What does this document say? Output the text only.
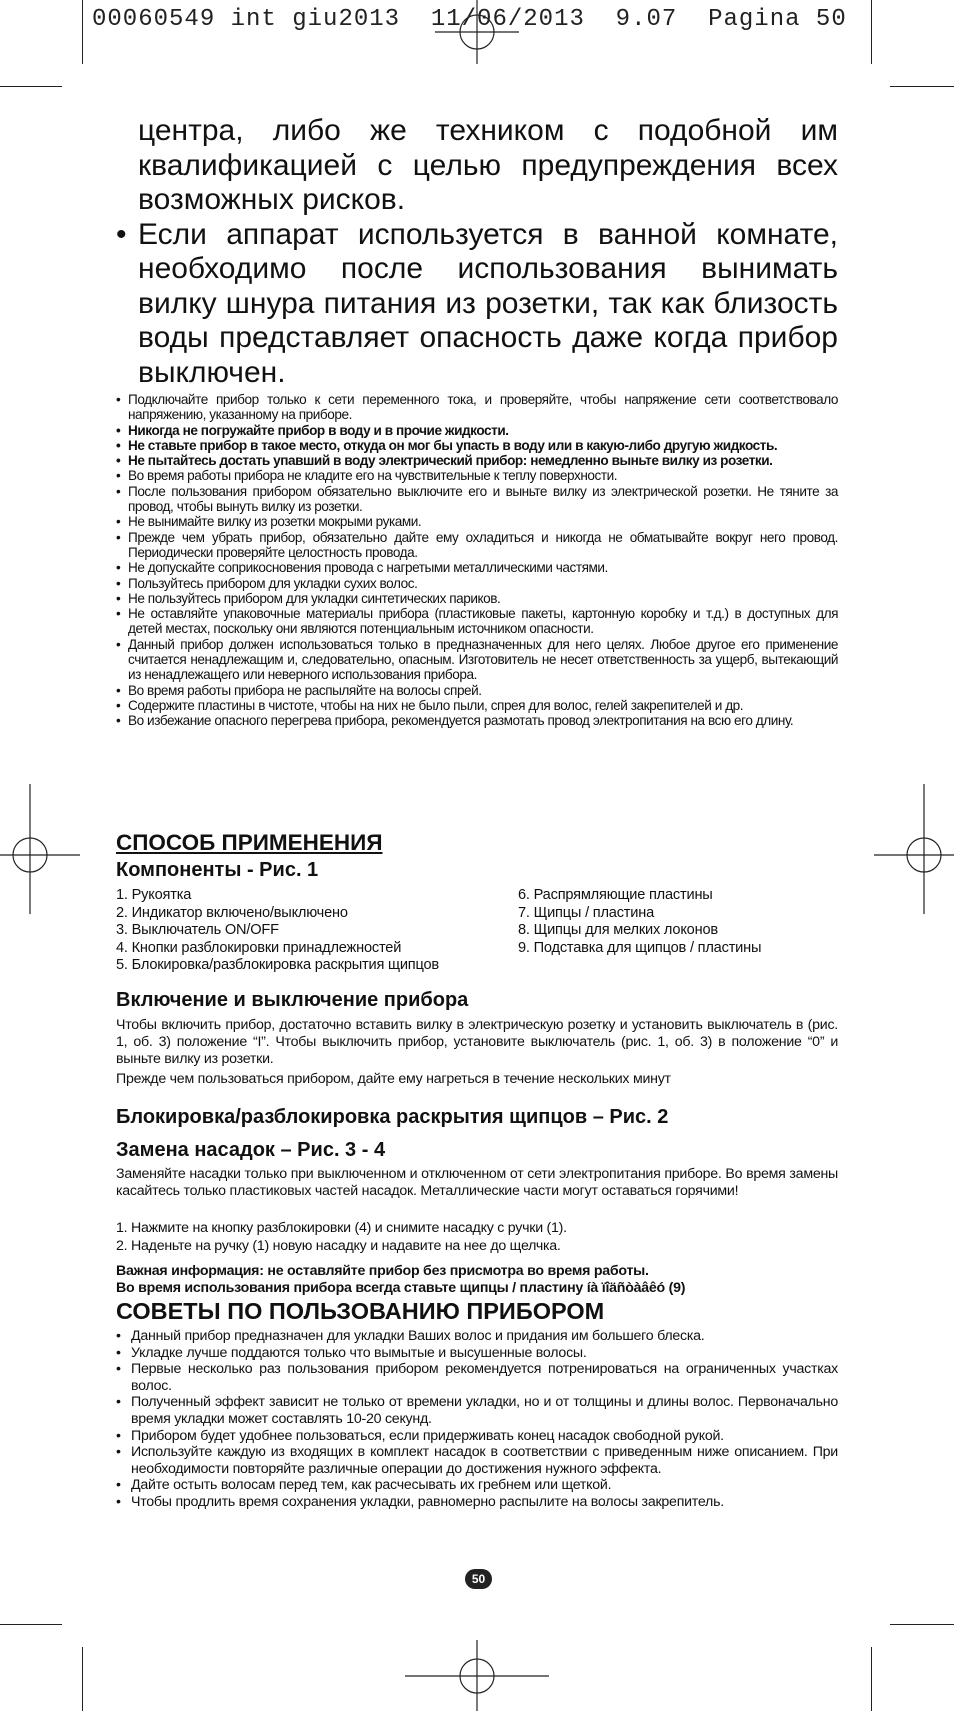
00060549 int giu2013  11/06/2013  9.07  Pagina 50

центра, либо же техником с подобной им квалификацией с целью предупреждения всех возможных рисков.

• Если аппарат используется в ванной комнате, необходимо после использования вынимать вилку шнура питания из розетки, так как близость воды представляет опасность даже когда прибор выключен.

• Подключайте прибор только к сети переменного тока, и проверяйте, чтобы напряжение сети соответствовало напряжению, указанному на приборе.
• Никогда не погружайте прибор в воду и в прочие жидкости.
• Не ставьте прибор в такое место, откуда он мог бы упасть в воду или в какую-либо другую жидкость.
• Не пытайтесь достать упавший в воду электрический прибор: немедленно выньте вилку из розетки.
• Во время работы прибора не кладите его на чувствительные к теплу поверхности.
• После пользования прибором обязательно выключите его и выньте вилку из электрической розетки. Не тяните за провод, чтобы вынуть вилку из розетки.
• Не вынимайте вилку из розетки мокрыми руками.
• Прежде чем убрать прибор, обязательно дайте ему охладиться и никогда не обматывайте вокруг него провод. Периодически проверяйте целостность провода.
• Не допускайте соприкосновения провода с нагретыми металлическими частями.
• Пользуйтесь прибором для укладки сухих волос.
• Не пользуйтесь прибором для укладки синтетических париков.
• Не оставляйте упаковочные материалы прибора (пластиковые пакеты, картонную коробку и т.д.) в доступных для детей местах, поскольку они являются потенциальным источником опасности.
• Данный прибор должен использоваться только в предназначенных для него целях. Любое другое его применение считается ненадлежащим и, следовательно, опасным. Изготовитель не несет ответственность за ущерб, вытекающий из ненадлежащего или неверного использования прибора.
• Во время работы прибора не распыляйте на волосы спрей.
• Содержите пластины в чистоте, чтобы на них не было пыли, спрея для волос, гелей закрепителей и др.
• Во избежание опасного перегрева прибора, рекомендуется размотать провод электропитания на всю его длину.
СПОСОБ ПРИМЕНЕНИЯ
Компоненты - Рис. 1
1. Рукоятка
2. Индикатор включено/выключено
3. Выключатель ON/OFF
4. Кнопки разблокировки принадлежностей
5. Блокировка/разблокировка раскрытия щипцов
6. Распрямляющие пластины
7. Щипцы / пластина
8. Щипцы для мелких локонов
9. Подставка для щипцов / пластины
Включение и выключение прибора

Чтобы включить прибор, достаточно вставить вилку в электрическую розетку и установить выключатель в (рис. 1, об. 3) положение “I”. Чтобы выключить прибор, установите выключатель (рис. 1, об. 3) в положение “0” и выньте вилку из розетки.

Прежде чем пользоваться прибором, дайте ему нагреться в течение нескольких минут

Блокировка/разблокировка раскрытия щипцов – Рис. 2
Замена насадок – Рис. 3 - 4

Заменяйте насадки только при выключенном и отключенном от сети электропитания приборе. Во время замены касайтесь только пластиковых частей насадок. Металлические части могут оставаться горячими!

1. Нажмите на кнопку разблокировки (4) и снимите насадку с ручки (1).

2. Наденьте на ручку (1) новую насадку и надавите на нее до щелчка.

Важная информация: не оставляйте прибор без присмотра во время работы.

Во время использования прибора всегда ставьте щипцы / пластину íà ïîäñòàâêó (9)

СОВЕТЫ ПО ПОЛЬЗОВАНИЮ ПРИБОРОМ
• Данный прибор предназначен для укладки Ваших волос и придания им большего блеска.
• Укладке лучше поддаются только что вымытые и высушенные волосы.
• Первые несколько раз пользования прибором рекомендуется потренироваться на ограниченных участках волос.
• Полученный эффект зависит не только от времени укладки, но и от толщины и длины волос. Первоначально время укладки может составлять 10-20 секунд.
• Прибором будет удобнее пользоваться, если придерживать конец насадок свободной рукой.
• Используйте каждую из входящих в комплект насадок в соответствии с приведенным ниже описанием. При необходимости повторяйте различные операции до достижения нужного эффекта.
• Дайте остыть волосам перед тем, как расчесывать их гребнем или щеткой.
• Чтобы продлить время сохранения укладки, равномерно распылите на волосы закрепитель.
50
